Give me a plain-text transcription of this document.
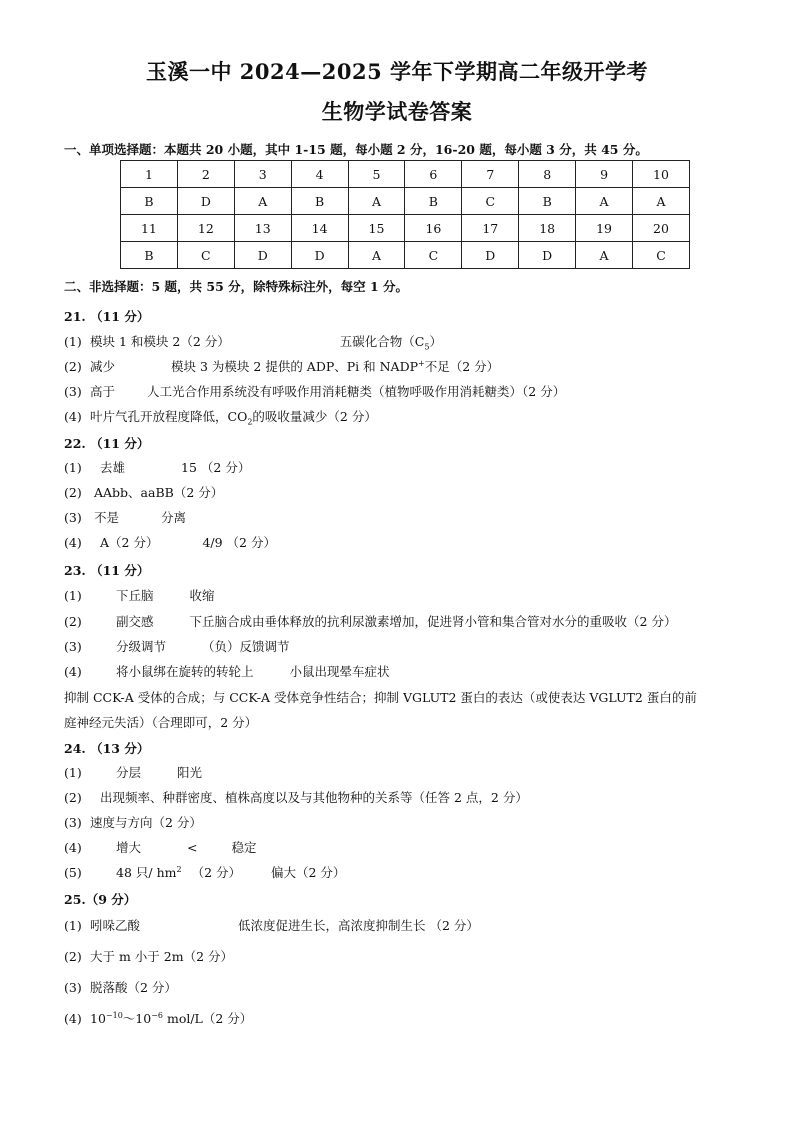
玉溪一中 2024—2025 学年下学期高二年级开学考
生物学试卷答案
一、单项选择题：本题共 20 小题，其中 1-15 题，每小题 2 分，16-20 题，每小题 3 分，共 45 分。
1	2	3	4	5	6	7	8	9	10
B	D	A	B	A	B	C	B	A	A
11	12	13	14	15	16	17	18	19	20
B	C	D	D	A	C	D	D	A	C
二、非选择题：5 题，共 55 分，除特殊标注外，每空 1 分。
21. （11 分）
(1) 模块 1 和模块 2（2 分）	五碳化合物$(C_5)$
(2) 减少	模块 3 为模块 2 提供的 ADP、Pi 和 NADP+不足（2 分）
(3) 高于	人工光合作用系统没有呼吸作用消耗糖类（植物呼吸作用消耗糖类）（2 分）
(4) 叶片气孔开放程度降低，$CO_2$的吸收量减少（2 分）
22. （11 分）
(1) 去雄	15 （2 分）
(2) AAbb、aaBB（2 分）
(3) 不是	分离
(4) A（2 分）	4/9 （2 分）
23. （11 分）
(1)	下丘脑	收缩
(2)	副交感	下丘脑合成由垂体释放的抗利尿激素增加，促进肾小管和集合管对水分的重吸收（2 分）
(3)	分级调节	（负）反馈调节
(4)	将小鼠绑在旋转的转轮上	小鼠出现晕车症状
抑制 CCK-A 受体的合成；与 CCK-A 受体竞争性结合；抑制 VGLUT2 蛋白的表达（或使表达 VGLUT2 蛋白的前
庭神经元失活）（合理即可，2 分）
24. （13 分）
(1)	分层	阳光
(2) 出现频率、种群密度、植株高度以及与其他物种的关系等（任答 2 点，2 分）
(3) 速度与方向（2 分）
(4)	增大	<	稳定
(5)	48 只/ $hm^2$ （2 分） 偏大（2 分）
25.（9 分）
(1) 吲哚乙酸	低浓度促进生长，高浓度抑制生长 （2 分）
(2) 大于 m 小于 2m（2 分）
(3) 脱落酸（2 分）
(4) $10^{-10}\sim 10^{-6}$ mol/L（2 分）
